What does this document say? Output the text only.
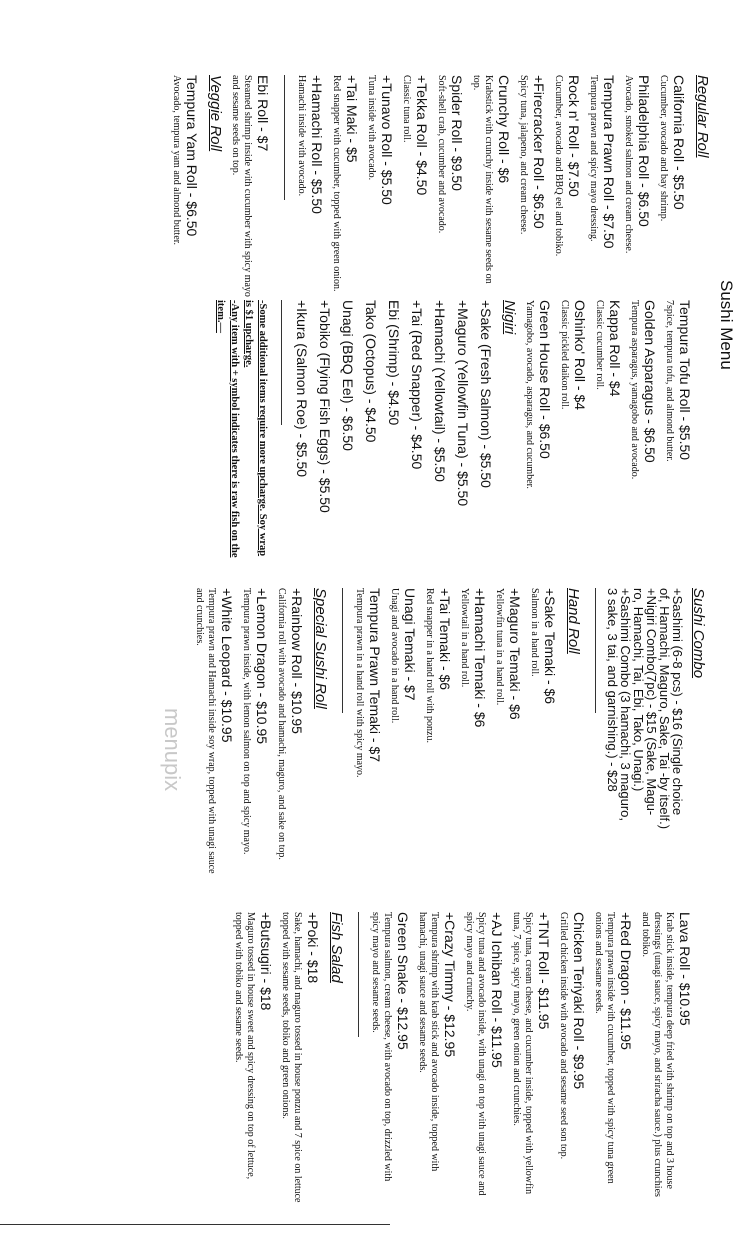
Sushi Menu
Regular Roll
California Roll - $5.50
Cucumber, avocado and bay shrimp.
Philadelphia Roll - $6.50
Avocado, smoked salmon and cream cheese.
Tempura Prawn Roll - $7.50
Tempura prawn and spicy mayo dressing.
Rock n' Roll - $7.50
Cucumber, avocado and BBQ eel and tobiko.
+Firecracker Roll - $6.50
Spicy tuna, jalapeno, and cream cheese.
Crunchy Roll - $6
Krabstick with crunchy inside with sesame seeds on top.
Spider Roll - $9.50
Soft-shell crab, cucumber and avocado.
+Tekka Roll - $4.50
Classic tuna roll.
+Tunavo Roll - $5.50
Tuna inside with avocado.
+Tai Maki - $5
Red snapper with cucumber, topped with green onion.
+Hamachi Roll - $5.50
Hamachi inside with avocado.
Ebi Roll - $7
Steamed shrimp inside with cucumber with spicy mayo and sesame seeds on top.
Veggie Roll
Tempura Yam Roll - $6.50
Avocado, tempura yam and almond butter.
Tempura Tofu Roll - $5.50
7spice, tempura tofu, and almond butter.
Golden Asparagus - $6.50
Tempura asparagus, yamagobo and avocado.
Kappa Roll - $4
Classic cucumber roll.
Oshinko' Roll - $4
Classic pickled daikon roll.
Green House Roll - $6.50
Yamagobo, avocado, asparagus, and cucumber.
Nigiri
+Sake (Fresh Salmon) - $5.50
+Maguro (Yellowfin Tuna) - $5.50
+Hamachi (Yellowtail) - $5.50
+Tai (Red Snapper) - $4.50
Ebi (Shrimp) - $4.50
Tako (Octopus) - $4.50
Unagi (BBQ Eel) - $6.50
+Tobiko (Flying Fish Eggs) - $5.50
+Ikura (Salmon Roe) - $5.50
-Some additional items require more upcharge. Soy wrap is $1 upcharge.
-Any item with + symbol indicates there is raw fish on the item.—
Sushi Combo
+Sashimi (6-8 pcs) - $16 (Single choice
of, Hamachi, Maguro, Sake, Tai -by itself.)
+Nigiri Combo(7pc) - $15 (Sake, Magu-
ro, Hamachi, Tai, Ebi, Tako, Unagi.)
+Sashimi Combo (3 hamachi, 3 maguro,
3 sake, 3 tai, and garnishing.) - $28
Hand Roll
+Sake Temaki - $6
Salmon in a hand roll.
+Maguro Temaki - $6
Yellowfin tuna in a hand roll.
+Hamachi Temaki - $6
Yellowtail in a hand roll.
+Tai Temaki - $6
Red snapper in a hand roll with ponzu.
Unagi Temaki - $7
Unagi and avocado in a hand roll.
Tempura Prawn Temaki - $7
Tempura prawn in a hand roll with spicy mayo.
Special Sushi Roll
+Rainbow Roll - $10.95
California roll with avocado and hamachi, maguro, and sake on top.
+Lemon Dragon - $10.95
Tempura prawn inside, with lemon salmon on top and spicy mayo.
+White Leopard - $10.95
Tempura prawn and Hamachi inside soy wrap, topped with unagi sauce and crunchies.
menupix
Lava Roll - $10.95
Krab stick inside, tempura deep fried with shrimp on top and 3 house dressings (unagi sauce, spicy mayo, and sriracha sauce.) plus crunchies and tobiko.
+Red Dragon - $11.95
Tempura prawn inside with cucumber, topped with spicy tuna green onions and sesame seeds.
Chicken Teriyaki Roll - $9.95
Grilled chicken inside with avocado and sesame seed son top.
+TNT Roll - $11.95
Spicy tuna, cream cheese, and cucumber inside, topped with yellowfin tuna, 7 spice, spicy mayo, green onion and crunchies.
+AJ Ichiban Roll - $11.95
Spicy tuna and avocado inside, with unagi on top with unagi sauce and spicy mayo and crunchy.
+Crazy Timmy - $12.95
Tempura shrimp with krab stick and avocado inside, topped with hamachi, unagi sauce and sesame seeds.
Green Snake - $12.95
Tempura salmon, cream cheese, with avocado on top, drizzled with spicy mayo and sesame seeds.
Fish Salad
+Poki - $18
Sake, hamachi, and maguro tossed in house ponzu and 7 spice on lettuce topped with sesame seeds, tobiko and green onions.
+Butsugiri - $18
Maguro tossed in house sweet and spicy dressing on top of lettuce, topped with tobiko and sesame seeds.
